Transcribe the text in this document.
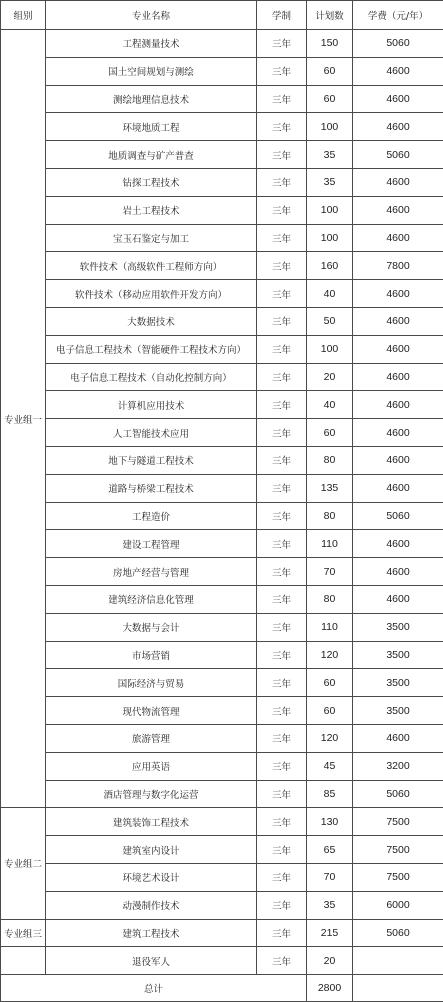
组别	专业名称	学制	计划数	学费（元/年）
专业组一	工程测量技术	三年	150	5060
	国土空间规划与测绘	三年	60	4600
	测绘地理信息技术	三年	60	4600
	环境地质工程	三年	100	4600
	地质调查与矿产普查	三年	35	5060
	钻探工程技术	三年	35	4600
	岩土工程技术	三年	100	4600
	宝玉石鉴定与加工	三年	100	4600
	软件技术（高级软件工程师方向）	三年	160	7800
	软件技术（移动应用软件开发方向）	三年	40	4600
	大数据技术	三年	50	4600
	电子信息工程技术（智能硬件工程技术方向）	三年	100	4600
	电子信息工程技术（自动化控制方向）	三年	20	4600
	计算机应用技术	三年	40	4600
	人工智能技术应用	三年	60	4600
	地下与隧道工程技术	三年	80	4600
	道路与桥梁工程技术	三年	135	4600
	工程造价	三年	80	5060
	建设工程管理	三年	110	4600
	房地产经营与管理	三年	70	4600
	建筑经济信息化管理	三年	80	4600
	大数据与会计	三年	110	3500
	市场营销	三年	120	3500
	国际经济与贸易	三年	60	3500
	现代物流管理	三年	60	3500
	旅游管理	三年	120	4600
	应用英语	三年	45	3200
	酒店管理与数字化运营	三年	85	5060
专业组二	建筑装饰工程技术	三年	130	7500
	建筑室内设计	三年	65	7500
	环境艺术设计	三年	70	7500
	动漫制作技术	三年	35	6000
专业组三	建筑工程技术	三年	215	5060
	退役军人	三年	20	
总计			2800	
